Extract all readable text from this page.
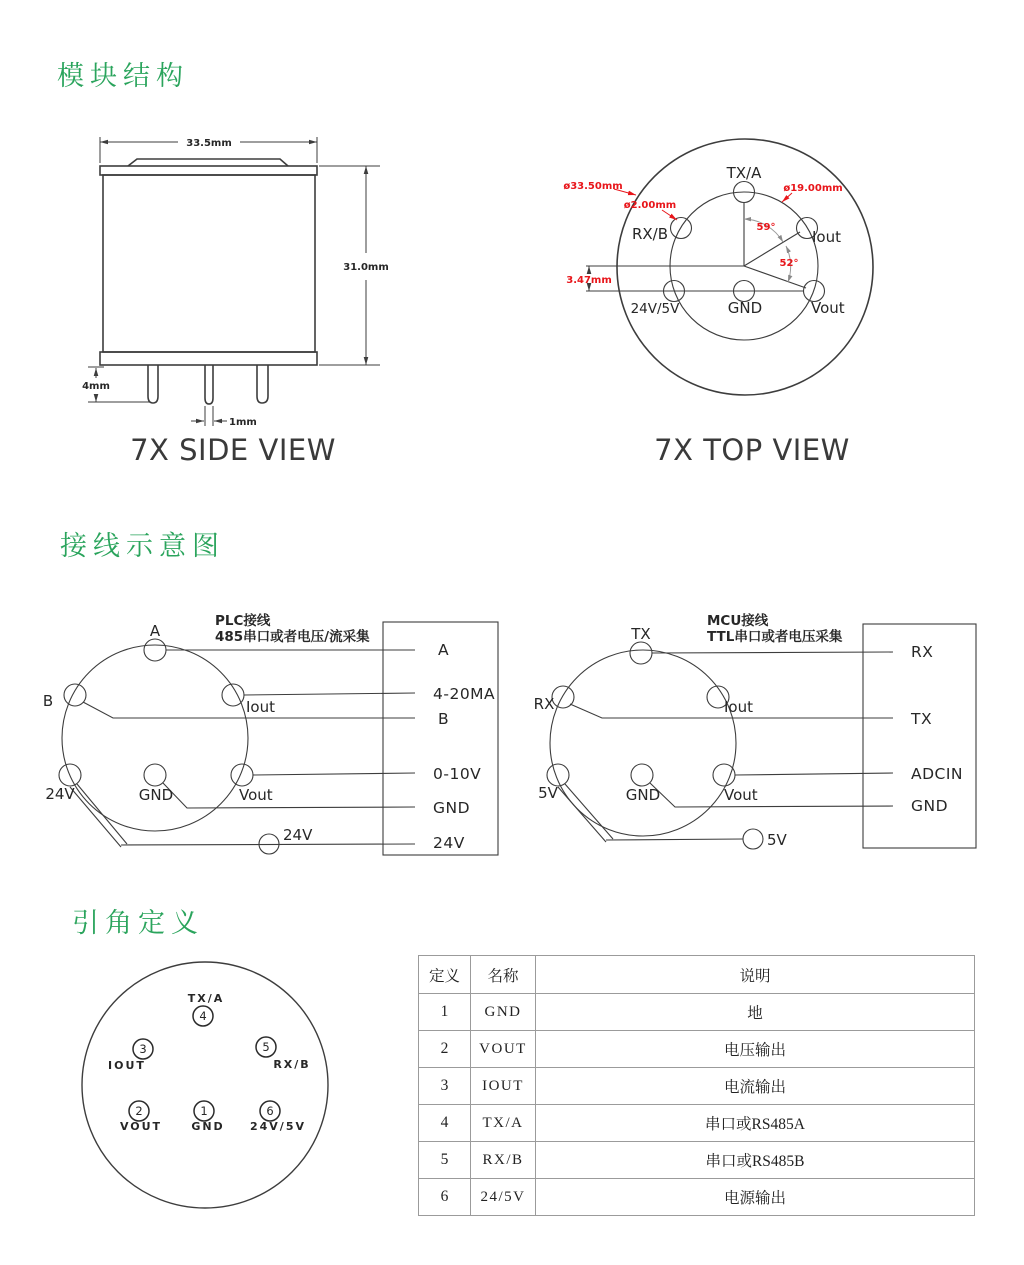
模块结构
33.5mm
31.0mm
4mm
1mm
7X SIDE VIEW
3.47mm
ø33.50mm
ø2.00mm
ø19.00mm
59°
52°
TX/A
RX/B	Iout
24V/5V	GND	Vout
7X TOP VIEW
接线示意图
PLC接线
485串口或者电压/流采集
A
B	Iout
24V	GND	Vout
24V
A
4-20MA
B
0-10V
GND
24V
MCU接线
TTL串口或者电压采集
TX
RX	Iout
5V	GND	Vout
5V
RX
TX
ADCIN
GND
引角定义
4
3	5
2	1	6
TX/A
IOUT	RX/B
VOUT	GND 24V/5V
定义	名称	说明
1	GND	地
2	VOUT	电压输出
3	IOUT	电流输出
4	TX/A	串口或RS485A
5	RX/B	串口或RS485B
6	24/5V	电源输出
